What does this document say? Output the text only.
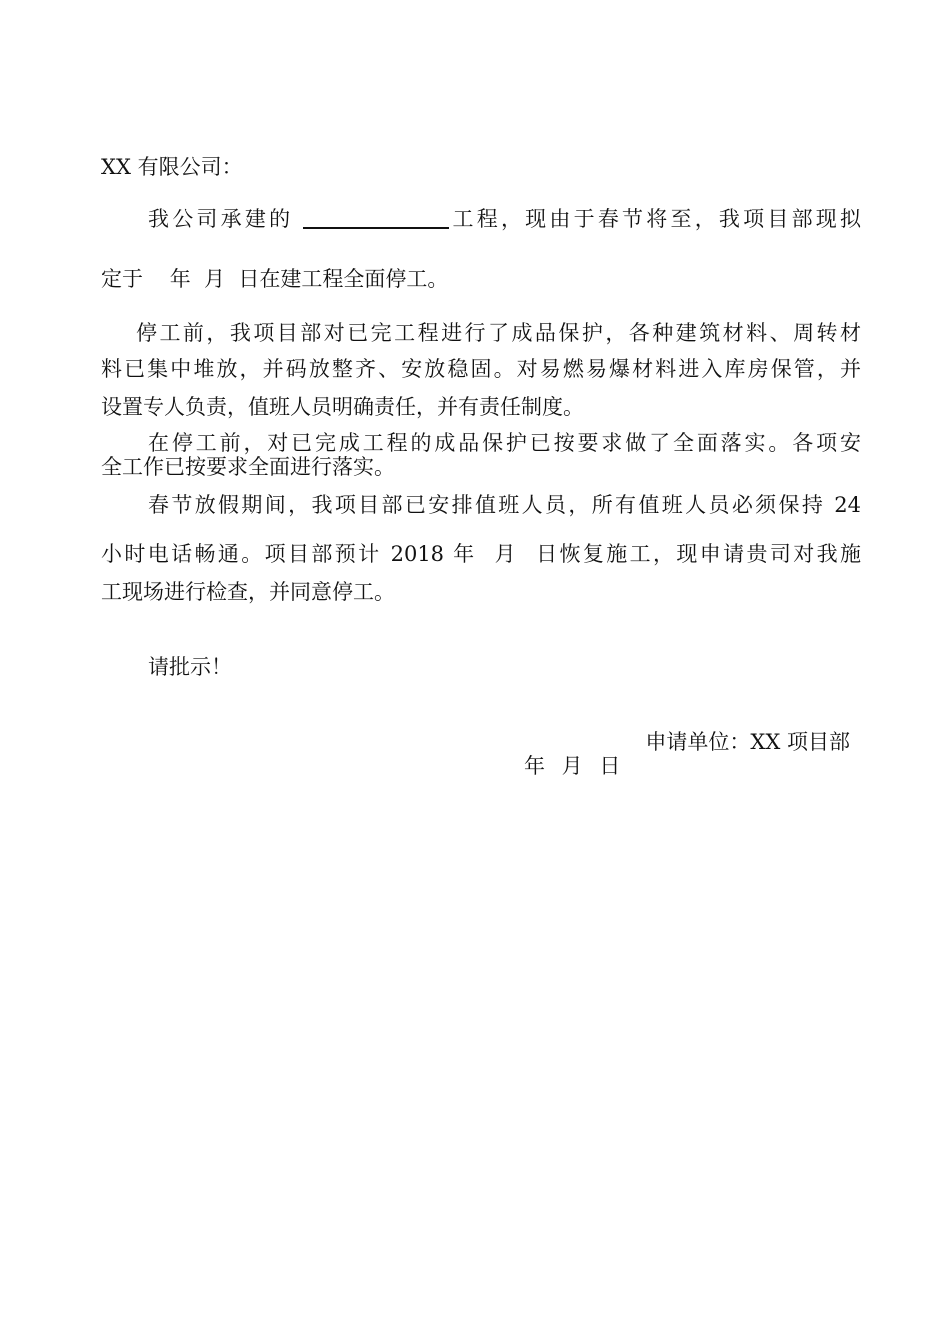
XX 有限公司：
我公司承建的	工程，现由于春节将至，我项目部现拟
定于    年  月  日在建工程全面停工。
停工前，我项目部对已完工程进行了成品保护，各种建筑材料、周转材
料已集中堆放，并码放整齐、安放稳固。对易燃易爆材料进入库房保管，并
设置专人负责，值班人员明确责任，并有责任制度。
在停工前，对已完成工程的成品保护已按要求做了全面落实。各项安
全工作已按要求全面进行落实。
春节放假期间，我项目部已安排值班人员，所有值班人员必须保持 24
小时电话畅通。项目部预计 2018 年  月  日恢复施工，现申请贵司对我施
工现场进行检查，并同意停工。
请批示！
申请单位：XX 项目部
年 月 日
